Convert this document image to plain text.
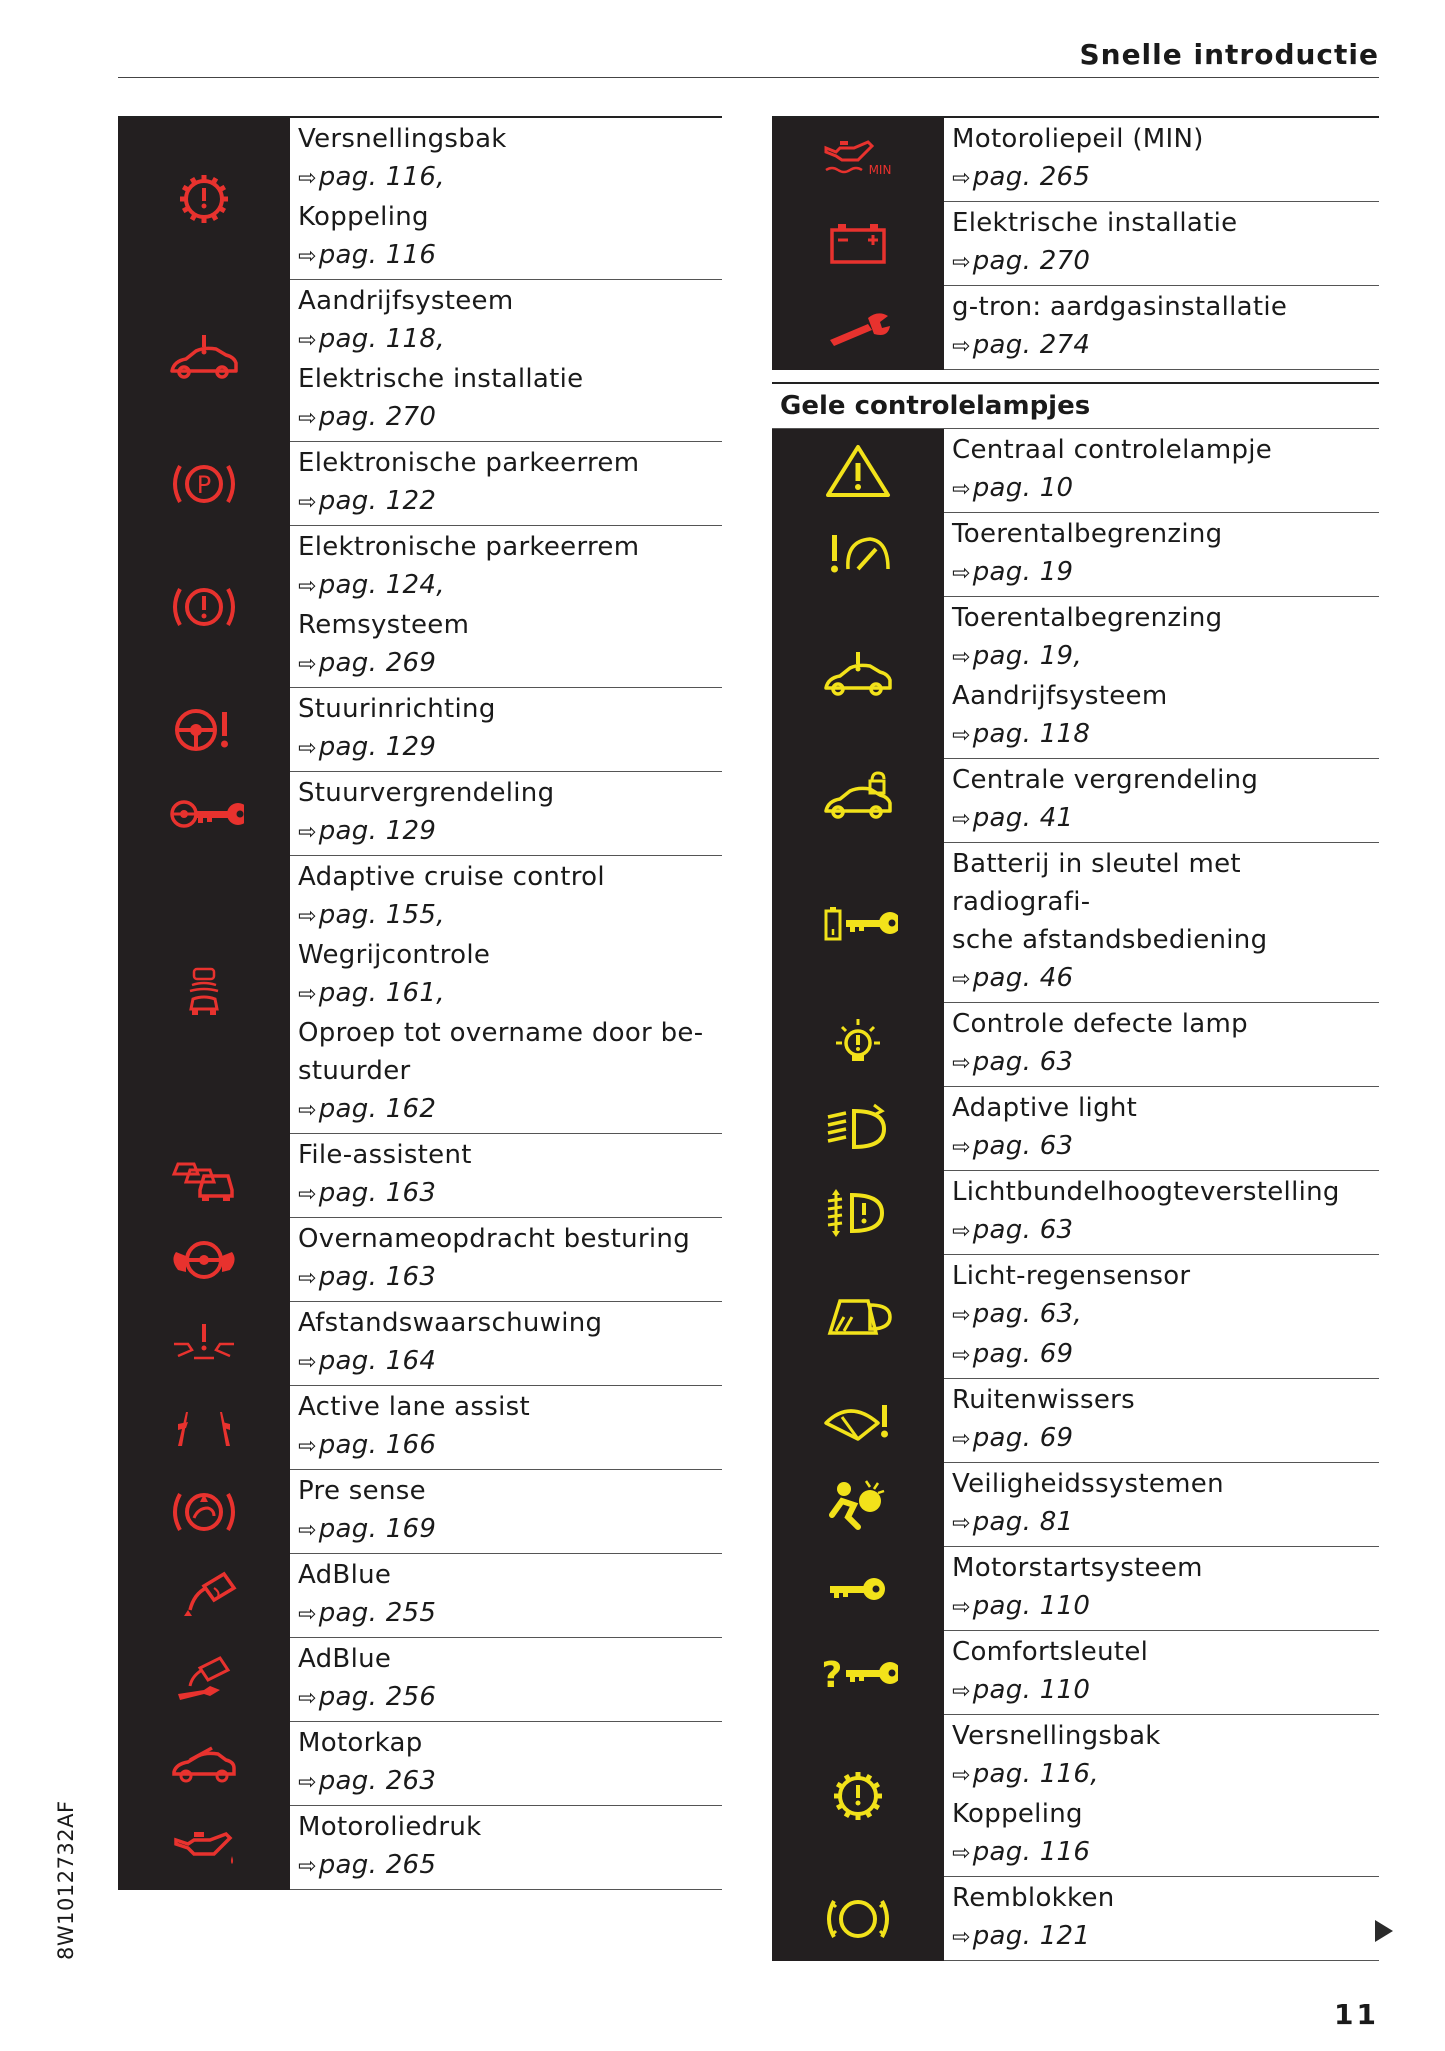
Snelle introductie
Versnellingsbak
⇨pag. 116,
Koppeling
⇨pag. 116
Aandrijfsysteem
⇨pag. 118,
Elektrische installatie
⇨pag. 270
P
Elektronische parkeerrem
⇨pag. 122
Elektronische parkeerrem
⇨pag. 124,
Remsysteem
⇨pag. 269
Stuurinrichting
⇨pag. 129
Stuurvergrendeling
⇨pag. 129
Adaptive cruise control
⇨pag. 155,
Wegrijcontrole
⇨pag. 161,
Oproep tot overname door be-
stuurder
⇨pag. 162
File-assistent
⇨pag. 163
Overnameopdracht besturing
⇨pag. 163
Afstandswaarschuwing
⇨pag. 164
Active lane assist
⇨pag. 166
Pre sense
⇨pag. 169
AdBlue
⇨pag. 255
AdBlue
⇨pag. 256
Motorkap
⇨pag. 263
Motoroliedruk
⇨pag. 265
MIN
Motoroliepeil (MIN)
⇨pag. 265
Elektrische installatie
⇨pag. 270
g-tron: aardgasinstallatie
⇨pag. 274
Gele controlelampjes
Centraal controlelampje
⇨pag. 10
Toerentalbegrenzing
⇨pag. 19
Toerentalbegrenzing
⇨pag. 19,
Aandrijfsysteem
⇨pag. 118
Centrale vergrendeling
⇨pag. 41
Batterij in sleutel met radiografi-
sche afstandsbediening
⇨pag. 46
Controle defecte lamp
⇨pag. 63
Adaptive light
⇨pag. 63
Lichtbundelhoogteverstelling
⇨pag. 63
Licht-regensensor
⇨pag. 63,
⇨pag. 69
Ruitenwissers
⇨pag. 69
Veiligheidssystemen
⇨pag. 81
Motorstartsysteem
⇨pag. 110
?
Comfortsleutel
⇨pag. 110
Versnellingsbak
⇨pag. 116,
Koppeling
⇨pag. 116
Remblokken
⇨pag. 121
8W1012732AF
11
